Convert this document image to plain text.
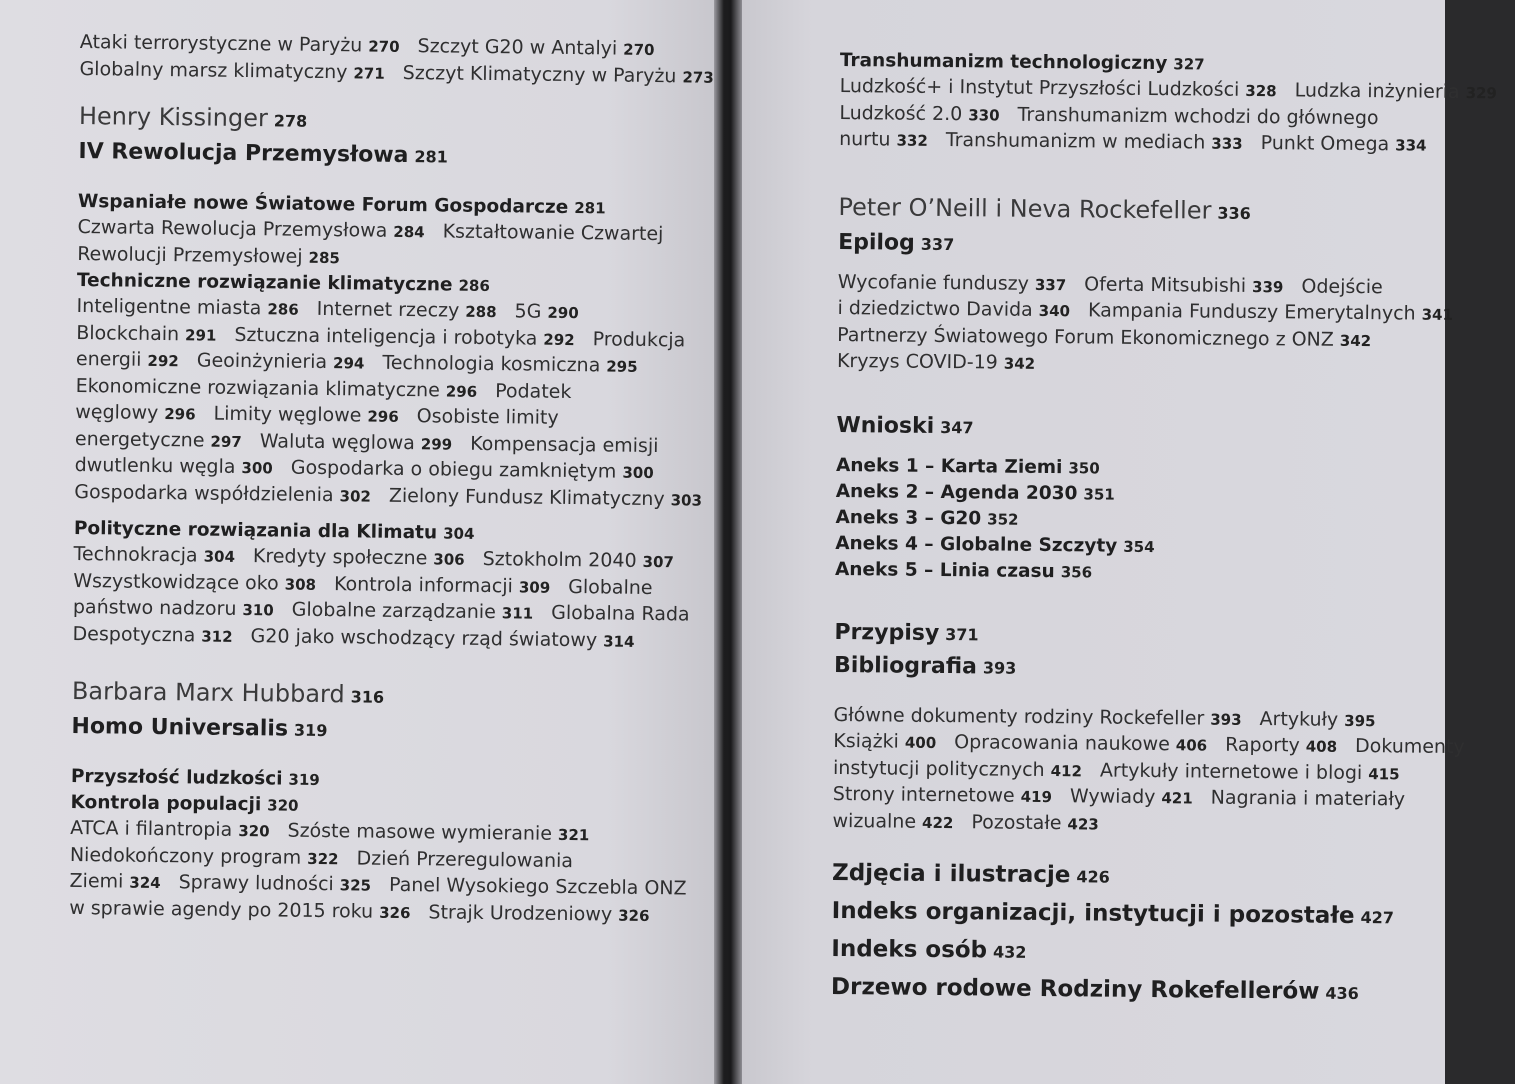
Ataki terrorystyczne w Paryżu 270 Szczyt G20 w Antalyi 270
Globalny marsz klimatyczny 271 Szczyt Klimatyczny w Paryżu 273
Henry Kissinger 278
IV Rewolucja Przemysłowa 281
Wspaniałe nowe Światowe Forum Gospodarcze 281
Czwarta Rewolucja Przemysłowa 284 Kształtowanie Czwartej
Rewolucji Przemysłowej 285
Techniczne rozwiązanie klimatyczne 286
Inteligentne miasta 286 Internet rzeczy 288 5G 290
Blockchain 291 Sztuczna inteligencja i robotyka 292 Produkcja
energii 292 Geoinżynieria 294 Technologia kosmiczna 295
Ekonomiczne rozwiązania klimatyczne 296 Podatek
węglowy 296 Limity węglowe 296 Osobiste limity
energetyczne 297 Waluta węglowa 299 Kompensacja emisji
dwutlenku węgla 300 Gospodarka o obiegu zamkniętym 300
Gospodarka współdzielenia 302 Zielony Fundusz Klimatyczny 303
Polityczne rozwiązania dla Klimatu 304
Technokracja 304 Kredyty społeczne 306 Sztokholm 2040 307
Wszystkowidzące oko 308 Kontrola informacji 309 Globalne
państwo nadzoru 310 Globalne zarządzanie 311 Globalna Rada
Despotyczna 312 G20 jako wschodzący rząd światowy 314
Barbara Marx Hubbard 316
Homo Universalis 319
Przyszłość ludzkości 319
Kontrola populacji 320
ATCA i filantropia 320 Szóste masowe wymieranie 321
Niedokończony program 322 Dzień Przeregulowania
Ziemi 324 Sprawy ludności 325 Panel Wysokiego Szczebla ONZ
w sprawie agendy po 2015 roku 326 Strajk Urodzeniowy 326
Transhumanizm technologiczny 327
Ludzkość+ i Instytut Przyszłości Ludzkości 328 Ludzka inżynieria 329
Ludzkość 2.0 330 Transhumanizm wchodzi do głównego
nurtu 332 Transhumanizm w mediach 333 Punkt Omega 334
Peter O’Neill i Neva Rockefeller 336
Epilog 337
Wycofanie funduszy 337 Oferta Mitsubishi 339 Odejście
i dziedzictwo Davida 340 Kampania Funduszy Emerytalnych 341
Partnerzy Światowego Forum Ekonomicznego z ONZ 342
Kryzys COVID-19 342
Wnioski 347
Aneks 1 – Karta Ziemi 350
Aneks 2 – Agenda 2030 351
Aneks 3 – G20 352
Aneks 4 – Globalne Szczyty 354
Aneks 5 – Linia czasu 356
Przypisy 371
Bibliografia 393
Główne dokumenty rodziny Rockefeller 393 Artykuły 395
Książki 400 Opracowania naukowe 406 Raporty 408 Dokumenty
instytucji politycznych 412 Artykuły internetowe i blogi 415
Strony internetowe 419 Wywiady 421 Nagrania i materiały
wizualne 422 Pozostałe 423
Zdjęcia i ilustracje 426
Indeks organizacji, instytucji i pozostałe 427
Indeks osób 432
Drzewo rodowe Rodziny Rokefellerów 436
